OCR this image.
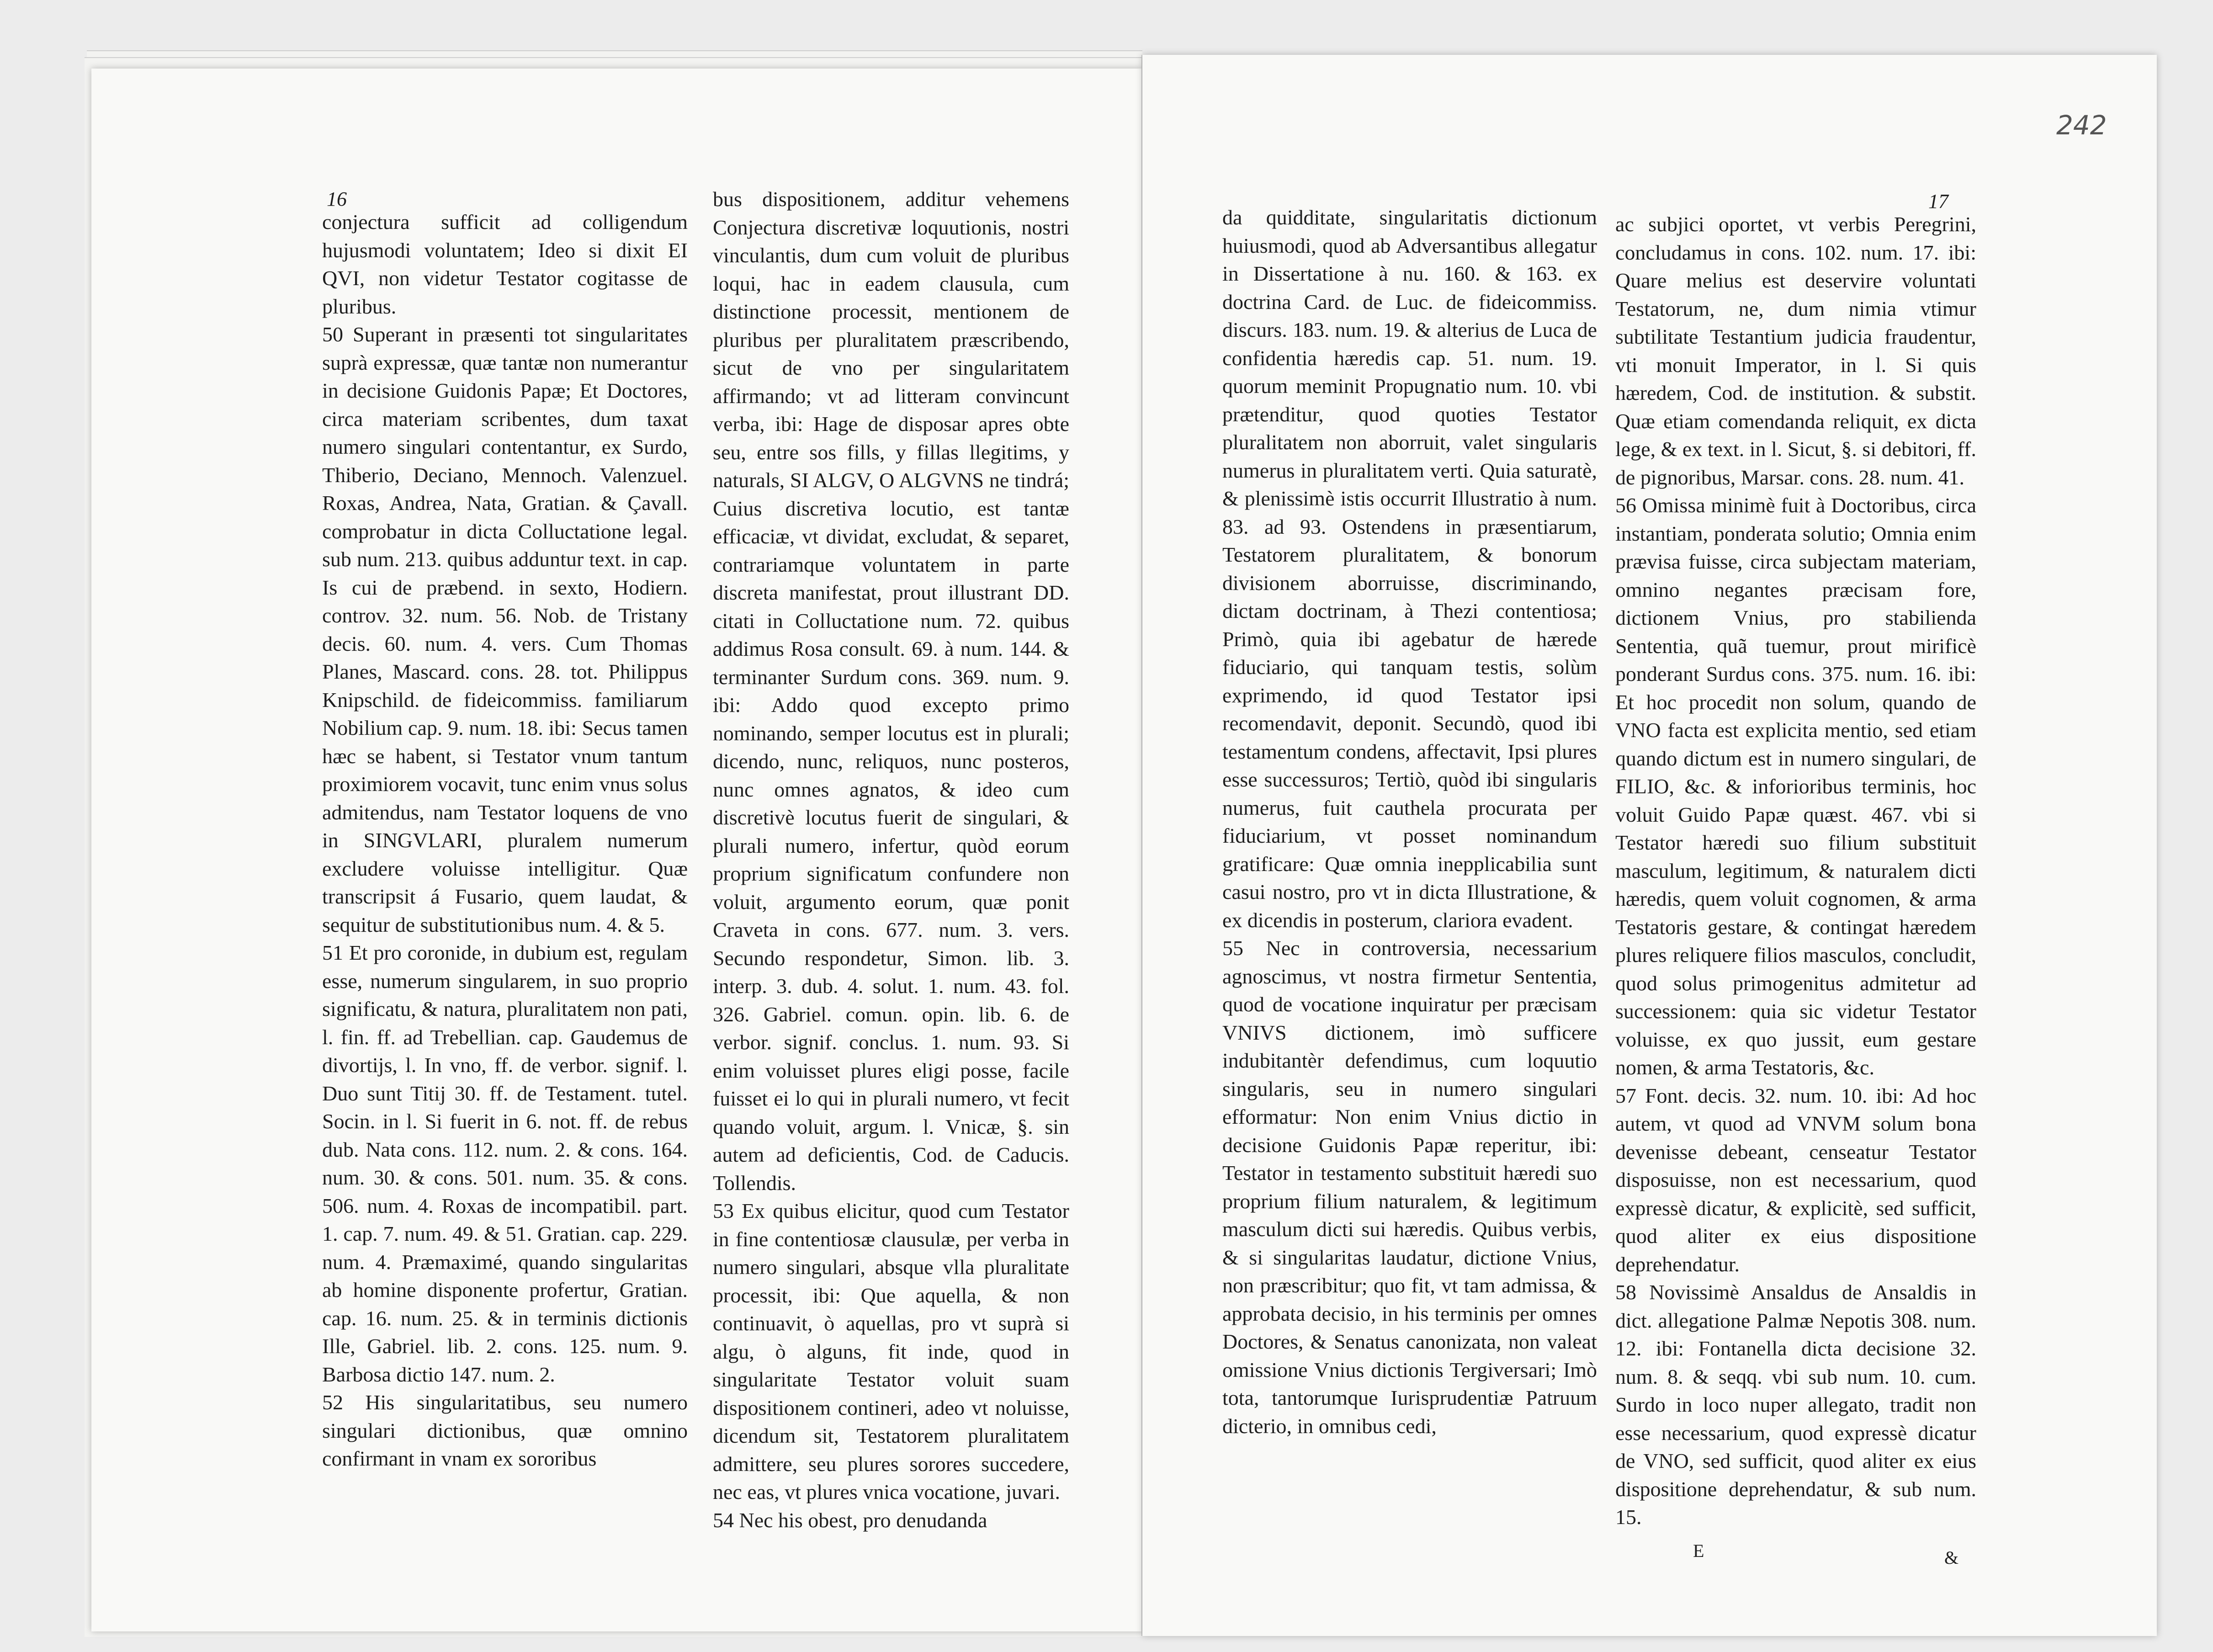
16

conjectura sufficit ad colligendum hujusmodi voluntatem; Ideo si dixit EI QVI, non videtur Testator cogitasse de pluribus.

50 Superant in præsenti tot singularitates suprà expressæ, quæ tantæ non numerantur in decisione Guidonis Papæ; Et Doctores, circa materiam scribentes, dum taxat numero singulari contentantur, ex Surdo, Thiberio, Deciano, Mennoch. Valenzuel. Roxas, Andrea, Nata, Gratian. & Çavall. comprobatur in dicta Colluctatione legal. sub num. 213. quibus adduntur text. in cap. Is cui de præbend. in sexto, Hodiern. controv. 32. num. 56. Nob. de Tristany decis. 60. num. 4. vers. Cum Thomas Planes, Mascard. cons. 28. tot. Philippus Knipschild. de fideicommiss. familiarum Nobilium cap. 9. num. 18. ibi: Secus tamen hæc se habent, si Testator vnum tantum proximiorem vocavit, tunc enim vnus solus admitendus, nam Testator loquens de vno in SINGVLARI, pluralem numerum excludere voluisse intelligitur. Quæ transcripsit á Fusario, quem laudat, & sequitur de substitutionibus num. 4. & 5.

51 Et pro coronide, in dubium est, regulam esse, numerum singularem, in suo proprio significatu, & natura, pluralitatem non pati, l. fin. ff. ad Trebellian. cap. Gaudemus de divortijs, l. In vno, ff. de verbor. signif. l. Duo sunt Titij 30. ff. de Testament. tutel. Socin. in l. Si fuerit in 6. not. ff. de rebus dub. Nata cons. 112. num. 2. & cons. 164. num. 30. & cons. 501. num. 35. & cons. 506. num. 4. Roxas de incompatibil. part. 1. cap. 7. num. 49. & 51. Gratian. cap. 229. num. 4. Præmaximé, quando singularitas ab homine disponente profertur, Gratian. cap. 16. num. 25. & in terminis dictionis Ille, Gabriel. lib. 2. cons. 125. num. 9. Barbosa dictio 147. num. 2.

52 His singularitatibus, seu numero singulari dictionibus, quæ omnino confirmant in vnam ex sororibus

bus dispositionem, additur vehemens Conjectura discretivæ loquutionis, nostri vinculantis, dum cum voluit de pluribus loqui, hac in eadem clausula, cum distinctione processit, mentionem de pluribus per pluralitatem præscribendo, sicut de vno per singularitatem affirmando; vt ad litteram convincunt verba, ibi: Hage de disposar apres obte seu, entre sos fills, y fillas llegitims, y naturals, SI ALGV, O ALGVNS ne tindrá; Cuius discretiva locutio, est tantæ efficaciæ, vt dividat, excludat, & separet, contrariamque voluntatem in parte discreta manifestat, prout illustrant DD. citati in Colluctatione num. 72. quibus addimus Rosa consult. 69. à num. 144. & terminanter Surdum cons. 369. num. 9. ibi: Addo quod excepto primo nominando, semper locutus est in plurali; dicendo, nunc, reliquos, nunc posteros, nunc omnes agnatos, & ideo cum discretivè locutus fuerit de singulari, & plurali numero, infertur, quòd eorum proprium significatum confundere non voluit, argumento eorum, quæ ponit Craveta in cons. 677. num. 3. vers. Secundo respondetur, Simon. lib. 3. interp. 3. dub. 4. solut. 1. num. 43. fol. 326. Gabriel. comun. opin. lib. 6. de verbor. signif. conclus. 1. num. 93. Si enim voluisset plures eligi posse, facile fuisset ei lo qui in plurali numero, vt fecit quando voluit, argum. l. Vnicæ, §. sin autem ad deficientis, Cod. de Caducis. Tollendis.

53 Ex quibus elicitur, quod cum Testator in fine contentiosæ clausulæ, per verba in numero singulari, absque vlla pluralitate processit, ibi: Que aquella, & non continuavit, ò aquellas, pro vt suprà si algu, ò alguns, fit inde, quod in singularitate Testator voluit suam dispositionem contineri, adeo vt noluisse, dicendum sit, Testatorem pluralitatem admittere, seu plures sorores succedere, nec eas, vt plures vnica vocatione, juvari.

54 Nec his obest, pro denudanda

242
17

da quidditate, singularitatis dictionum huiusmodi, quod ab Adversantibus allegatur in Dissertatione à nu. 160. & 163. ex doctrina Card. de Luc. de fideicommiss. discurs. 183. num. 19. & alterius de Luca de confidentia hæredis cap. 51. num. 19. quorum meminit Propugnatio num. 10. vbi prætenditur, quod quoties Testator pluralitatem non aborruit, valet singularis numerus in pluralitatem verti. Quia saturatè, & plenissimè istis occurrit Illustratio à num. 83. ad 93. Ostendens in præsentiarum, Testatorem pluralitatem, & bonorum divisionem aborruisse, discriminando, dictam doctrinam, à Thezi contentiosa; Primò, quia ibi agebatur de hærede fiduciario, qui tanquam testis, solùm exprimendo, id quod Testator ipsi recomendavit, deponit. Secundò, quod ibi testamentum condens, affectavit, Ipsi plures esse successuros; Tertiò, quòd ibi singularis numerus, fuit cauthela procurata per fiduciarium, vt posset nominandum gratificare: Quæ omnia inepplicabilia sunt casui nostro, pro vt in dicta Illustratione, & ex dicendis in posterum, clariora evadent.

55 Nec in controversia, necessarium agnoscimus, vt nostra firmetur Sententia, quod de vocatione inquiratur per præcisam VNIVS dictionem, imò sufficere indubitantèr defendimus, cum loquutio singularis, seu in numero singulari efformatur: Non enim Vnius dictio in decisione Guidonis Papæ reperitur, ibi: Testator in testamento substituit hæredi suo proprium filium naturalem, & legitimum masculum dicti sui hæredis. Quibus verbis, & si singularitas laudatur, dictione Vnius, non præscribitur; quo fit, vt tam admissa, & approbata decisio, in his terminis per omnes Doctores, & Senatus canonizata, non valeat omissione Vnius dictionis Tergiversari; Imò tota, tantorumque Iurisprudentiæ Patruum dicterio, in omnibus cedi,

ac subjici oportet, vt verbis Peregrini, concludamus in cons. 102. num. 17. ibi: Quare melius est deservire voluntati Testatorum, ne, dum nimia vtimur subtilitate Testantium judicia fraudentur, vti monuit Imperator, in l. Si quis hæredem, Cod. de institution. & substit. Quæ etiam comendanda reliquit, ex dicta lege, & ex text. in l. Sicut, §. si debitori, ff. de pignoribus, Marsar. cons. 28. num. 41.

56 Omissa minimè fuit à Doctoribus, circa instantiam, ponderata solutio; Omnia enim prævisa fuisse, circa subjectam materiam, omnino negantes præcisam fore, dictionem Vnius, pro stabilienda Sententia, quã tuemur, prout mirificè ponderant Surdus cons. 375. num. 16. ibi: Et hoc procedit non solum, quando de VNO facta est explicita mentio, sed etiam quando dictum est in numero singulari, de FILIO, &c. & inforioribus terminis, hoc voluit Guido Papæ quæst. 467. vbi si Testator hæredi suo filium substituit masculum, legitimum, & naturalem dicti hæredis, quem voluit cognomen, & arma Testatoris gestare, & contingat hæredem plures reliquere filios masculos, concludit, quod solus primogenitus admitetur ad successionem: quia sic videtur Testator voluisse, ex quo jussit, eum gestare nomen, & arma Testatoris, &c.

57 Font. decis. 32. num. 10. ibi: Ad hoc autem, vt quod ad VNVM solum bona devenisse debeant, censeatur Testator disposuisse, non est necessarium, quod expressè dicatur, & explicitè, sed sufficit, quod aliter ex eius dispositione deprehendatur.

58 Novissimè Ansaldus de Ansaldis in dict. allegatione Palmæ Nepotis 308. num. 12. ibi: Fontanella dicta decisione 32. num. 8. & seqq. vbi sub num. 10. cum. Surdo in loco nuper allegato, tradit non esse necessarium, quod expressè dicatur de VNO, sed sufficit, quod aliter ex eius dispositione deprehendatur, & sub num. 15.

E	&
